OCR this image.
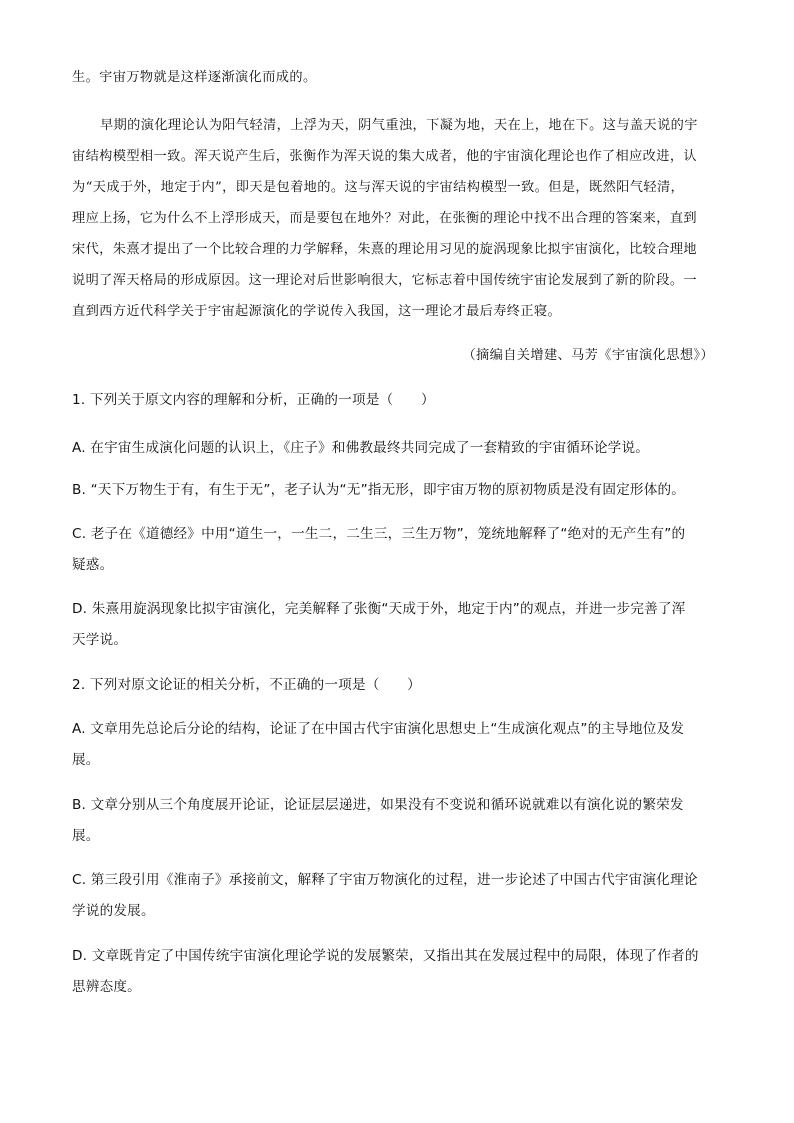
生。宇宙万物就是这样逐渐演化而成的。
早期的演化理论认为阳气轻清，上浮为天，阴气重浊，下凝为地，天在上，地在下。这与盖天说的宇
宙结构模型相一致。浑天说产生后，张衡作为浑天说的集大成者，他的宇宙演化理论也作了相应改进，认
为“天成于外，地定于内”，即天是包着地的。这与浑天说的宇宙结构模型一致。但是，既然阳气轻清，
理应上扬，它为什么不上浮形成天，而是要包在地外？对此，在张衡的理论中找不出合理的答案来，直到
宋代，朱熹才提出了一个比较合理的力学解释，朱熹的理论用习见的旋涡现象比拟宇宙演化，比较合理地
说明了浑天格局的形成原因。这一理论对后世影响很大，它标志着中国传统宇宙论发展到了新的阶段。一
直到西方近代科学关于宇宙起源演化的学说传入我国，这一理论才最后寿终正寝。
（摘编自关增建、马芳《宇宙演化思想》）
1. 下列关于原文内容的理解和分析，正确的一项是（　　）
A. 在宇宙生成演化问题的认识上，《庄子》和佛教最终共同完成了一套精致的宇宙循环论学说。
B. “天下万物生于有，有生于无”，老子认为“无”指无形，即宇宙万物的原初物质是没有固定形体的。
C. 老子在《道德经》中用“道生一，一生二，二生三，三生万物”，笼统地解释了“绝对的无产生有”的
疑惑。
D. 朱熹用旋涡现象比拟宇宙演化，完美解释了张衡“天成于外，地定于内”的观点，并进一步完善了浑
天学说。
2. 下列对原文论证的相关分析，不正确的一项是（　　）
A. 文章用先总论后分论的结构，论证了在中国古代宇宙演化思想史上“生成演化观点”的主导地位及发
展。
B. 文章分别从三个角度展开论证，论证层层递进，如果没有不变说和循环说就难以有演化说的繁荣发
展。
C. 第三段引用《淮南子》承接前文，解释了宇宙万物演化的过程，进一步论述了中国古代宇宙演化理论
学说的发展。
D. 文章既肯定了中国传统宇宙演化理论学说的发展繁荣，又指出其在发展过程中的局限，体现了作者的
思辨态度。
